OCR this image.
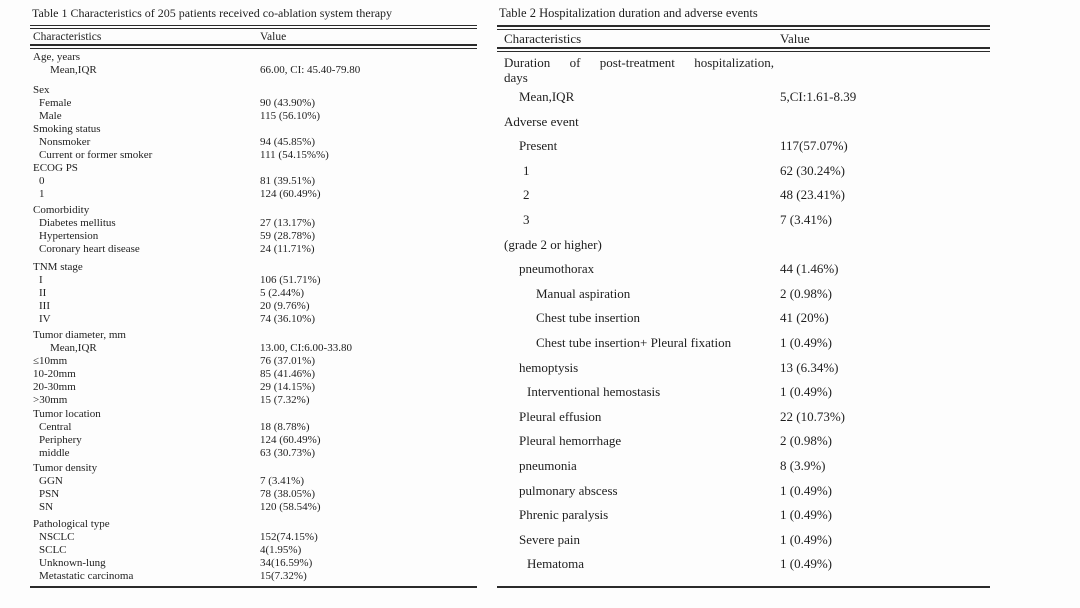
Table 1 Characteristics of 205 patients received co-ablation system therapy
Characteristics	Value
Age, years
Mean,IQR	66.00, CI: 45.40-79.80
Sex
Female	90 (43.90%)
Male	115 (56.10%)
Smoking status
Nonsmoker	94 (45.85%)
Current or former smoker	111 (54.15%%)
ECOG PS
0	81 (39.51%)
1	124 (60.49%)
Comorbidity
Diabetes mellitus	27 (13.17%)
Hypertension	59 (28.78%)
Coronary heart disease	24 (11.71%)
TNM stage
I	106 (51.71%)
II	5 (2.44%)
III	20 (9.76%)
IV	74 (36.10%)
Tumor diameter, mm
Mean,IQR	13.00, CI:6.00-33.80
≤10mm	76 (37.01%)
10-20mm	85 (41.46%)
20-30mm	29 (14.15%)
>30mm	15 (7.32%)
Tumor location
Central	18 (8.78%)
Periphery	124 (60.49%)
middle	63 (30.73%)
Tumor density
GGN	7 (3.41%)
PSN	78 (38.05%)
SN	120 (58.54%)
Pathological type
NSCLC	152(74.15%)
SCLC	4(1.95%)
Unknown-lung	34(16.59%)
Metastatic carcinoma	15(7.32%)
Table 2 Hospitalization duration and adverse events
Characteristics	Value
Duration of post-treatment hospitalization,
days
Mean,IQR	5,CI:1.61-8.39
Adverse event
Present	117(57.07%)
1	62 (30.24%)
2	48 (23.41%)
3	7 (3.41%)
(grade 2 or higher)
pneumothorax	44 (1.46%)
Manual aspiration	2 (0.98%)
Chest tube insertion	41 (20%)
Chest tube insertion+ Pleural fixation	1 (0.49%)
hemoptysis	13 (6.34%)
Interventional hemostasis	1 (0.49%)
Pleural effusion	22 (10.73%)
Pleural hemorrhage	2 (0.98%)
pneumonia	8 (3.9%)
pulmonary abscess	1 (0.49%)
Phrenic paralysis	1 (0.49%)
Severe pain	1 (0.49%)
Hematoma	1 (0.49%)
